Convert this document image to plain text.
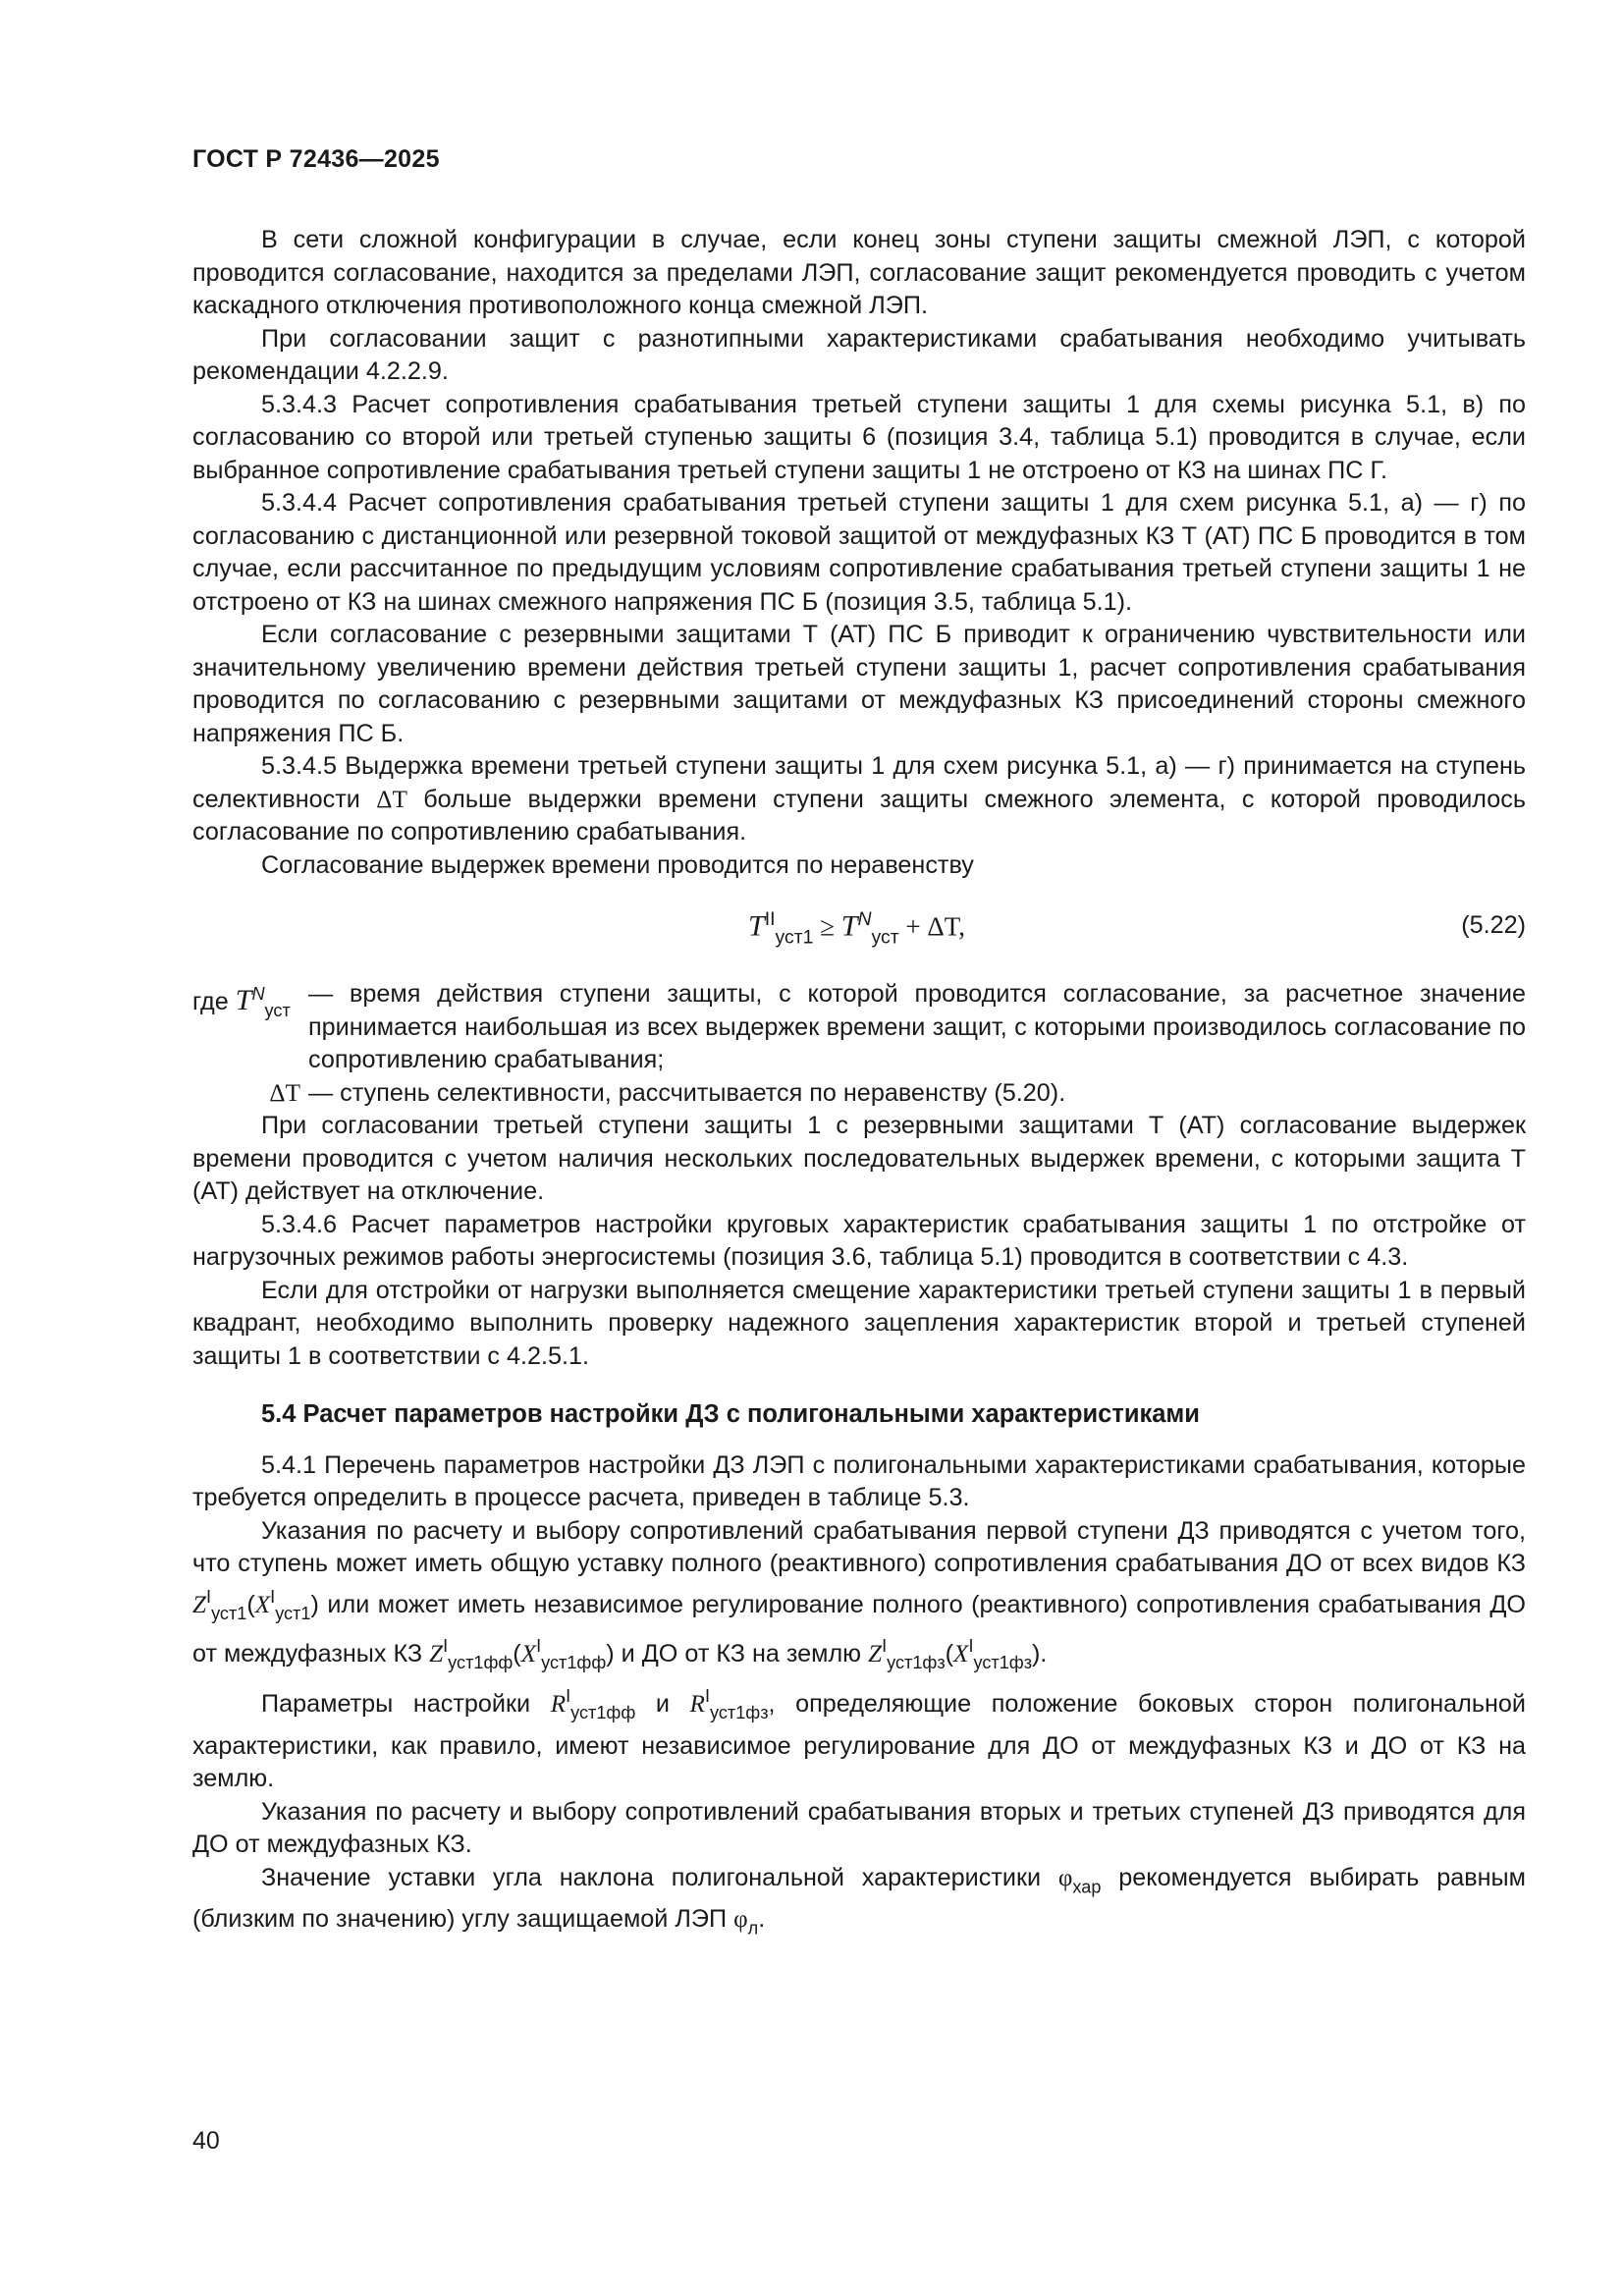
ГОСТ Р 72436—2025

В сети сложной конфигурации в случае, если конец зоны ступени защиты смежной ЛЭП, с которой проводится согласование, находится за пределами ЛЭП, согласование защит рекомендуется проводить с учетом каскадного отключения противоположного конца смежной ЛЭП.

При согласовании защит с разнотипными характеристиками срабатывания необходимо учитывать рекомендации 4.2.2.9.

5.3.4.3 Расчет сопротивления срабатывания третьей ступени защиты 1 для схемы рисунка 5.1, в) по согласованию со второй или третьей ступенью защиты 6 (позиция 3.4, таблица 5.1) проводится в случае, если выбранное сопротивление срабатывания третьей ступени защиты 1 не отстроено от КЗ на шинах ПС Г.

5.3.4.4 Расчет сопротивления срабатывания третьей ступени защиты 1 для схем рисунка 5.1, а) — г) по согласованию с дистанционной или резервной токовой защитой от междуфазных КЗ Т (АТ) ПС Б проводится в том случае, если рассчитанное по предыдущим условиям сопротивление срабатывания третьей ступени защиты 1 не отстроено от КЗ на шинах смежного напряжения ПС Б (позиция 3.5, таблица 5.1).

Если согласование с резервными защитами Т (АТ) ПС Б приводит к ограничению чувствительности или значительному увеличению времени действия третьей ступени защиты 1, расчет сопротивления срабатывания проводится по согласованию с резервными защитами от междуфазных КЗ присоединений стороны смежного напряжения ПС Б.

5.3.4.5 Выдержка времени третьей ступени защиты 1 для схем рисунка 5.1, а) — г) принимается на ступень селективности ΔT больше выдержки времени ступени защиты смежного элемента, с которой проводилось согласование по сопротивлению срабатывания.

Согласование выдержек времени проводится по неравенству

$T^{II}_{уст1} \ge T^N_{уст} + \Delta T$,	(5.22)
где $T^N_{уст}$
— время действия ступени защиты, с которой проводится согласование, за расчетное значение принимается наибольшая из всех выдержек времени защит, с которыми производилось согласование по сопротивлению срабатывания;
ΔT — ступень селективности, рассчитывается по неравенству (5.20).

При согласовании третьей ступени защиты 1 с резервными защитами Т (АТ) согласование выдержек времени проводится с учетом наличия нескольких последовательных выдержек времени, с которыми защита Т (АТ) действует на отключение.

5.3.4.6 Расчет параметров настройки круговых характеристик срабатывания защиты 1 по отстройке от нагрузочных режимов работы энергосистемы (позиция 3.6, таблица 5.1) проводится в соответствии с 4.3.

Если для отстройки от нагрузки выполняется смещение характеристики третьей ступени защиты 1 в первый квадрант, необходимо выполнить проверку надежного зацепления характеристик второй и третьей ступеней защиты 1 в соответствии с 4.2.5.1.

5.4 Расчет параметров настройки ДЗ с полигональными характеристиками

5.4.1 Перечень параметров настройки ДЗ ЛЭП с полигональными характеристиками срабатывания, которые требуется определить в процессе расчета, приведен в таблице 5.3.

Указания по расчету и выбору сопротивлений срабатывания первой ступени ДЗ приводятся с учетом того, что ступень может иметь общую уставку полного (реактивного) сопротивления срабатывания ДО от всех видов КЗ $Z^I_{уст1}(X^I_{уст1})$ или может иметь независимое регулирование полного (реактивного) сопротивления срабатывания ДО от междуфазных КЗ $Z^I_{уст1фф}(X^I_{уст1фф})$ и ДО от КЗ на землю $Z^I_{уст1фз}(X^I_{уст1фз})$.

Параметры настройки $R^I_{уст1фф}$ и $R^I_{уст1фз}$, определяющие положение боковых сторон полигональной характеристики, как правило, имеют независимое регулирование для ДО от междуфазных КЗ и ДО от КЗ на землю.

Указания по расчету и выбору сопротивлений срабатывания вторых и третьих ступеней ДЗ приводятся для ДО от междуфазных КЗ.

Значение уставки угла наклона полигональной характеристики $\varphi_{хар}$ рекомендуется выбирать равным (близким по значению) углу защищаемой ЛЭП $\varphi_л$.

40
